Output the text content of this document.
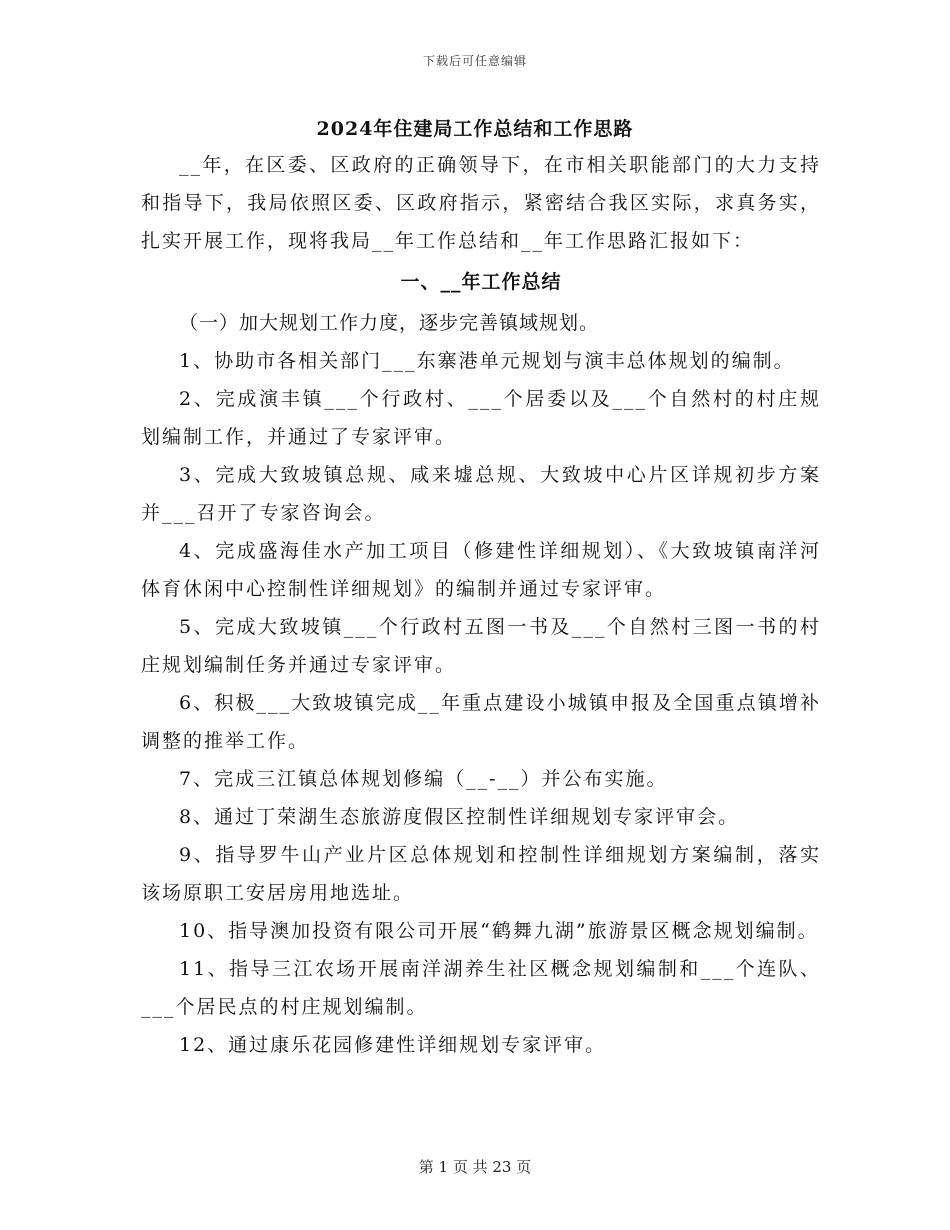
下载后可任意编辑
2024年住建局工作总结和工作思路

__年，在区委、区政府的正确领导下，在市相关职能部门的大力支持和指导下，我局依照区委、区政府指示，紧密结合我区实际，求真务实，扎实开展工作，现将我局__年工作总结和__年工作思路汇报如下：

一、__年工作总结

（一）加大规划工作力度，逐步完善镇域规划。

1、协助市各相关部门___东寨港单元规划与演丰总体规划的编制。

2、完成演丰镇___个行政村、___个居委以及___个自然村的村庄规划编制工作，并通过了专家评审。

3、完成大致坡镇总规、咸来墟总规、大致坡中心片区详规初步方案并___召开了专家咨询会。

4、完成盛海佳水产加工项目（修建性详细规划）、《大致坡镇南洋河体育休闲中心控制性详细规划》的编制并通过专家评审。

5、完成大致坡镇___个行政村五图一书及___个自然村三图一书的村庄规划编制任务并通过专家评审。

6、积极___大致坡镇完成__年重点建设小城镇申报及全国重点镇增补调整的推举工作。

7、完成三江镇总体规划修编（__-__）并公布实施。

8、通过丁荣湖生态旅游度假区控制性详细规划专家评审会。

9、指导罗牛山产业片区总体规划和控制性详细规划方案编制，落实该场原职工安居房用地选址。

10、指导澳加投资有限公司开展“鹤舞九湖”旅游景区概念规划编制。

11、指导三江农场开展南洋湖养生社区概念规划编制和___个连队、___个居民点的村庄规划编制。

12、通过康乐花园修建性详细规划专家评审。

第 1 页 共 23 页
